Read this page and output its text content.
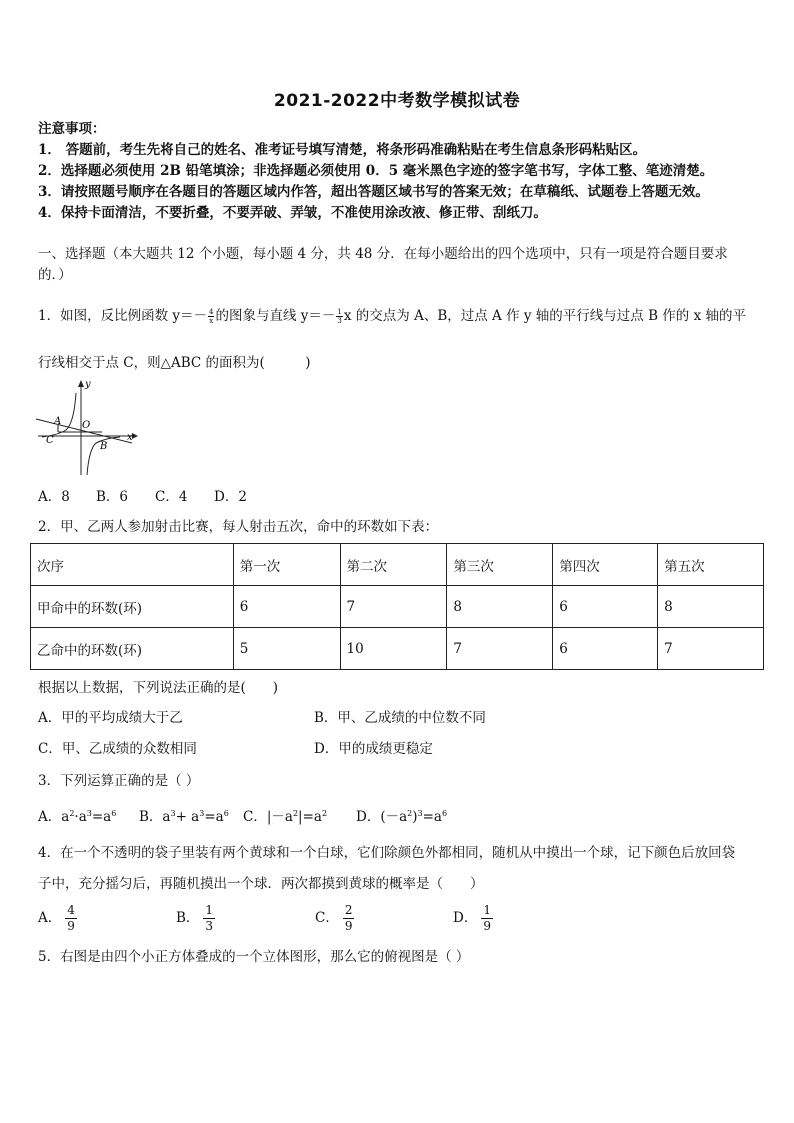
2021-2022中考数学模拟试卷
注意事项：
1． 答题前，考生先将自己的姓名、准考证号填写清楚，将条形码准确粘贴在考生信息条形码粘贴区。
2．选择题必须使用 2B 铅笔填涂；非选择题必须使用 0．5 毫米黑色字迹的签字笔书写，字体工整、笔迹清楚。
3．请按照题号顺序在各题目的答题区域内作答，超出答题区域书写的答案无效；在草稿纸、试题卷上答题无效。
4．保持卡面清洁，不要折叠，不要弄破、弄皱，不准使用涂改液、修正带、刮纸刀。
一、选择题（本大题共 12 个小题，每小题 4 分，共 48 分．在每小题给出的四个选项中，只有一项是符合题目要求
的．）
1．如图，反比例函数 $y=- \frac{4}{x}$ 的图象与直线 $y=- \frac{1}{3}$ x 的交点为 A、B，过点 A 作 y 轴的平行线与过点 B 作的 x 轴的平
行线相交于点 C，则△ABC 的面积为(　　　)
y
x
O
A
B
C
A．8 B．6 C．4 D．2
2．甲、乙两人参加射击比赛，每人射击五次，命中的环数如下表：
次序	第一次	第二次	第三次	第四次	第五次
甲命中的环数(环)	6	7	8	6	8
乙命中的环数(环)	5	10	7	6	7
根据以上数据，下列说法正确的是(　　)
A．甲的平均成绩大于乙	B．甲、乙成绩的中位数不同
C．甲、乙成绩的众数相同	D．甲的成绩更稳定
3．下列运算正确的是（ ）
A．$a^2\cdot a^3=a^6$ B．$a^3+ a^3=a^6$ C．$|-a^2|=a^2$ D．$(-a^2)^3=a^6$
4．在一个不透明的袋子里装有两个黄球和一个白球，它们除颜色外都相同，随机从中摸出一个球，记下颜色后放回袋
子中，充分摇匀后，再随机摸出一个球．两次都摸到黄球的概率是（　　）
A． $\frac{4}{9}$	B． $\frac{1}{3}$	C． $\frac{2}{9}$	D． $\frac{1}{9}$
5．右图是由四个小正方体叠成的一个立体图形，那么它的俯视图是（ ）
